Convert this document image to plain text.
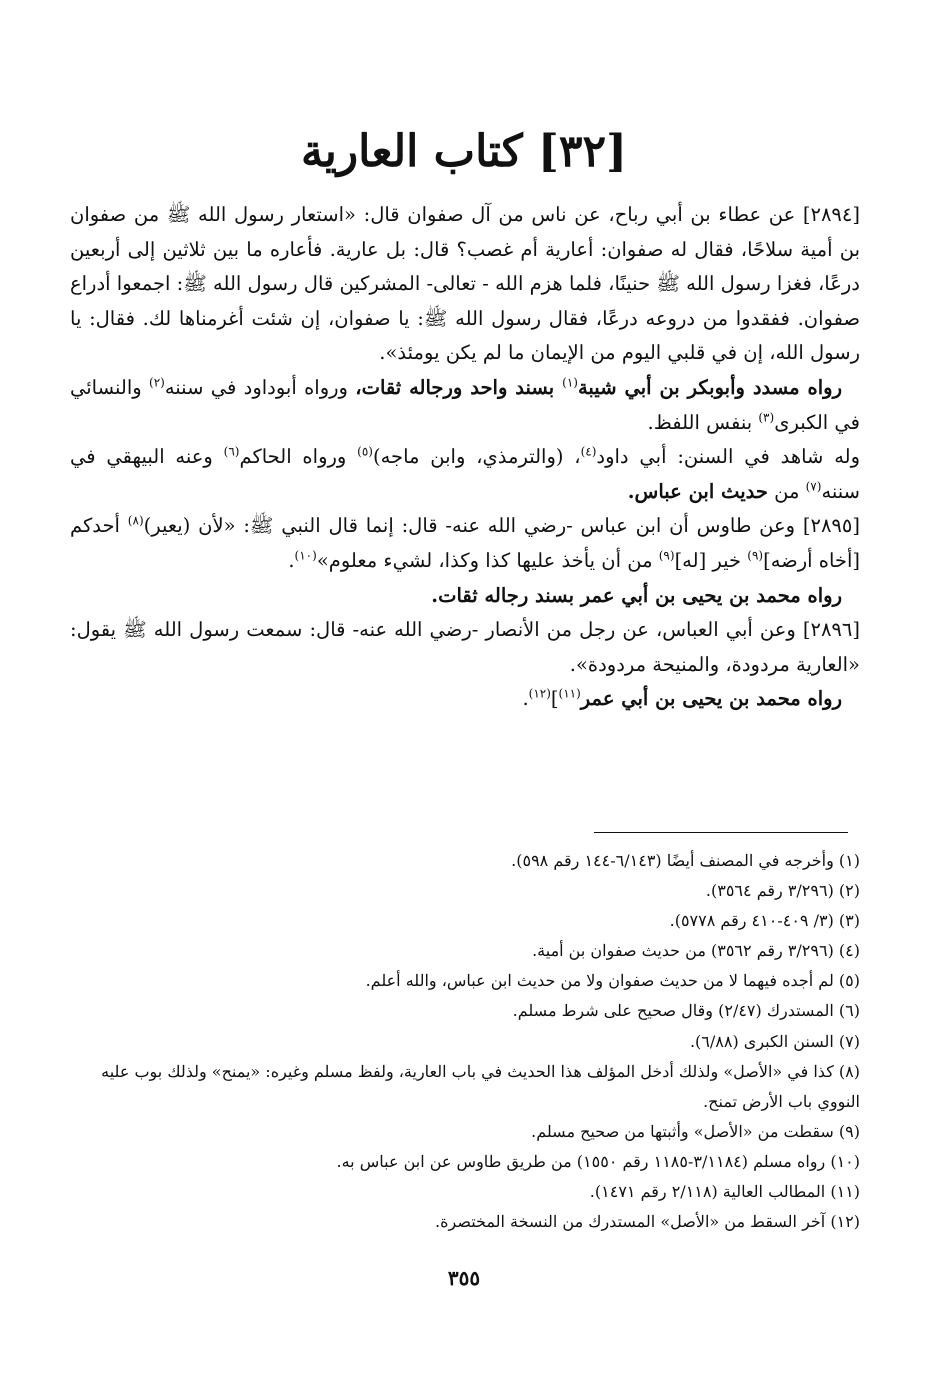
[٣٢] كتاب العارية

[٢٨٩٤] عن عطاء بن أبي رباح، عن ناس من آل صفوان قال: «استعار رسول الله ﷺ من صفوان بن أمية سلاحًا، فقال له صفوان: أعارية أم غصب؟ قال: بل عارية. فأعاره ما بين ثلاثين إلى أربعين درعًا، فغزا رسول الله ﷺ حنينًا، فلما هزم الله - تعالى- المشركين قال رسول الله ﷺ: اجمعوا أدراع صفوان. ففقدوا من دروعه درعًا، فقال رسول الله ﷺ: يا صفوان، إن شئت أغرمناها لك. فقال: يا رسول الله، إن في قلبي اليوم من الإيمان ما لم يكن يومئذ».

رواه مسدد وأبوبكر بن أبي شيبة$^{(١)}$ بسند واحد ورجاله ثقات، ورواه أبوداود في سننه$^{(٢)}$ والنسائي في الكبرى$^{(٣)}$ بنفس اللفظ.

وله شاهد في السنن: أبي داود$^{(٤)}$، (والترمذي، وابن ماجه)$^{(٥)}$ ورواه الحاكم$^{(٦)}$ وعنه البيهقي في سننه$^{(٧)}$ من حديث ابن عباس.

[٢٨٩٥] وعن طاوس أن ابن عباس -رضي الله عنه- قال: إنما قال النبي ﷺ: «لأن (يعير)$^{(٨)}$ أحدكم [أخاه أرضه]$^{(٩)}$ خير [له]$^{(٩)}$ من أن يأخذ عليها كذا وكذا، لشيء معلوم»$^{(١٠)}$.

رواه محمد بن يحيى بن أبي عمر بسند رجاله ثقات.

[٢٨٩٦] وعن أبي العباس، عن رجل من الأنصار -رضي الله عنه- قال: سمعت رسول الله ﷺ يقول: «العارية مردودة، والمنيحة مردودة».

رواه محمد بن يحيى بن أبي عمر$^{(١١)}$]$^{(١٢)}$.

(١) وأخرجه في المصنف أيضًا (٦/١٤٣-١٤٤ رقم ٥٩٨).
(٢) (٣/٢٩٦ رقم ٣٥٦٤).
(٣) (٣/ ٤٠٩-٤١٠ رقم ٥٧٧٨).
(٤) (٣/٢٩٦ رقم ٣٥٦٢) من حديث صفوان بن أمية.
(٥) لم أجده فيهما لا من حديث صفوان ولا من حديث ابن عباس، والله أعلم.
(٦) المستدرك (٢/٤٧) وقال صحيح على شرط مسلم.
(٧) السنن الكبرى (٦/٨٨).
(٨) كذا في «الأصل» ولذلك أدخل المؤلف هذا الحديث في باب العارية، ولفظ مسلم وغيره: «يمنح» ولذلك بوب عليه النووي باب الأرض تمنح.
(٩) سقطت من «الأصل» وأثبتها من صحيح مسلم.
(١٠) رواه مسلم (٣/١١٨٤-١١٨٥ رقم ١٥٥٠) من طريق طاوس عن ابن عباس به.
(١١) المطالب العالية (٢/١١٨ رقم ١٤٧١).
(١٢) آخر السقط من «الأصل» المستدرك من النسخة المختصرة.
٣٥٥
